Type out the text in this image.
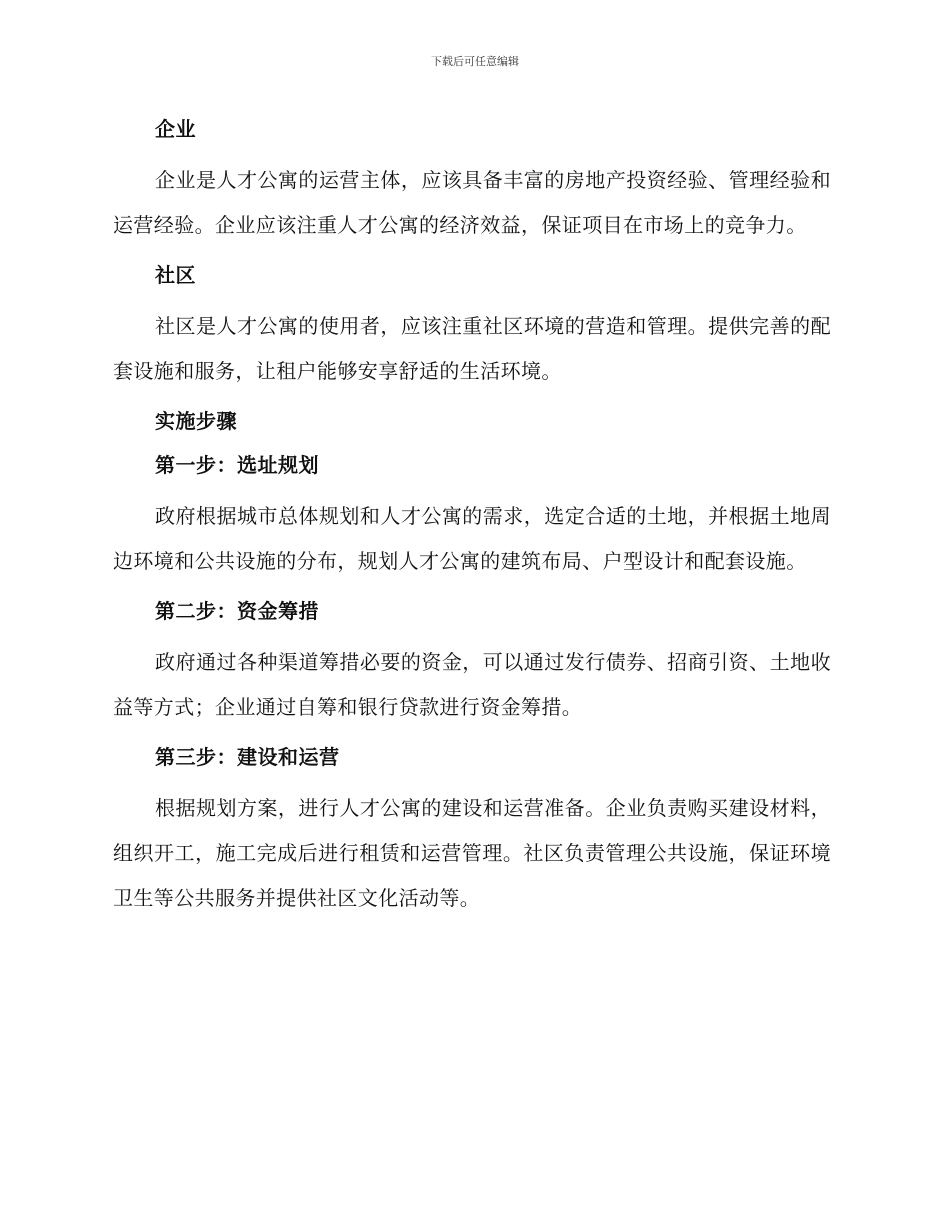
下载后可任意编辑
企业
企业是人才公寓的运营主体，应该具备丰富的房地产投资经验、管理经验和运营经验。企业应该注重人才公寓的经济效益，保证项目在市场上的竞争力。
社区
社区是人才公寓的使用者，应该注重社区环境的营造和管理。提供完善的配套设施和服务，让租户能够安享舒适的生活环境。
实施步骤
第一步：选址规划
政府根据城市总体规划和人才公寓的需求，选定合适的土地，并根据土地周边环境和公共设施的分布，规划人才公寓的建筑布局、户型设计和配套设施。
第二步：资金筹措
政府通过各种渠道筹措必要的资金，可以通过发行债券、招商引资、土地收益等方式；企业通过自筹和银行贷款进行资金筹措。
第三步：建设和运营
根据规划方案，进行人才公寓的建设和运营准备。企业负责购买建设材料，组织开工，施工完成后进行租赁和运营管理。社区负责管理公共设施，保证环境卫生等公共服务并提供社区文化活动等。
